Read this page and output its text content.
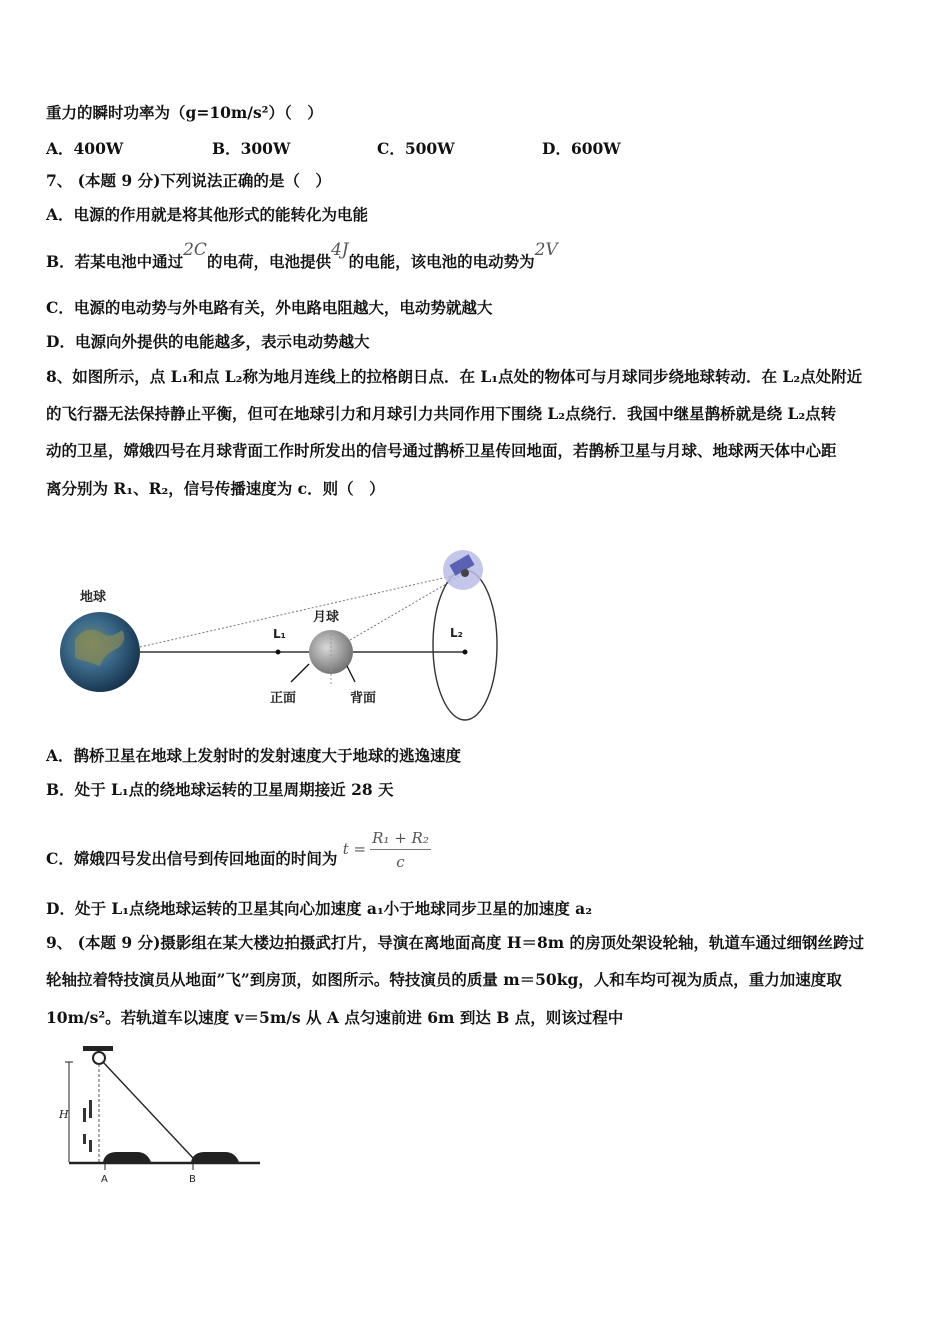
重力的瞬时功率为（g=10m/s²）（　）
A．400W	B．300W	C．500W	D．600W
7、 (本题 9 分)下列说法正确的是（　）
A．电源的作用就是将其他形式的能转化为电能
B．若某电池中通过2C的电荷，电池提供4J的电能，该电池的电动势为2V
C．电源的电动势与外电路有关，外电路电阻越大，电动势就越大
D．电源向外提供的电能越多，表示电动势越大
8、如图所示，点 L₁和点 L₂称为地月连线上的拉格朗日点．在 L₁点处的物体可与月球同步绕地球转动．在 L₂点处附近
的飞行器无法保持静止平衡，但可在地球引力和月球引力共同作用下围绕 L₂点绕行．我国中继星鹊桥就是绕 L₂点转
动的卫星，嫦娥四号在月球背面工作时所发出的信号通过鹊桥卫星传回地面，若鹊桥卫星与月球、地球两天体中心距
离分别为 R₁、R₂，信号传播速度为 c．则（　）
地球
L₁
月球
正面	背面
L₂
A．鹊桥卫星在地球上发射时的发射速度大于地球的逃逸速度
B．处于 L₁点的绕地球运转的卫星周期接近 28 天
C．嫦娥四号发出信号到传回地面的时间为 $t = \frac{\text{R₁ + R₂}}{c}$
D．处于 L₁点绕地球运转的卫星其向心加速度 a₁小于地球同步卫星的加速度 a₂
9、 (本题 9 分)摄影组在某大楼边拍摄武打片，导演在离地面高度 H＝8m 的房顶处架设轮轴，轨道车通过细钢丝跨过
轮轴拉着特技演员从地面”飞”到房顶，如图所示。特技演员的质量 m＝50kg，人和车均可视为质点，重力加速度取
10m/s²。若轨道车以速度 v＝5m/s 从 A 点匀速前进 6m 到达 B 点，则该过程中
H
A	B
